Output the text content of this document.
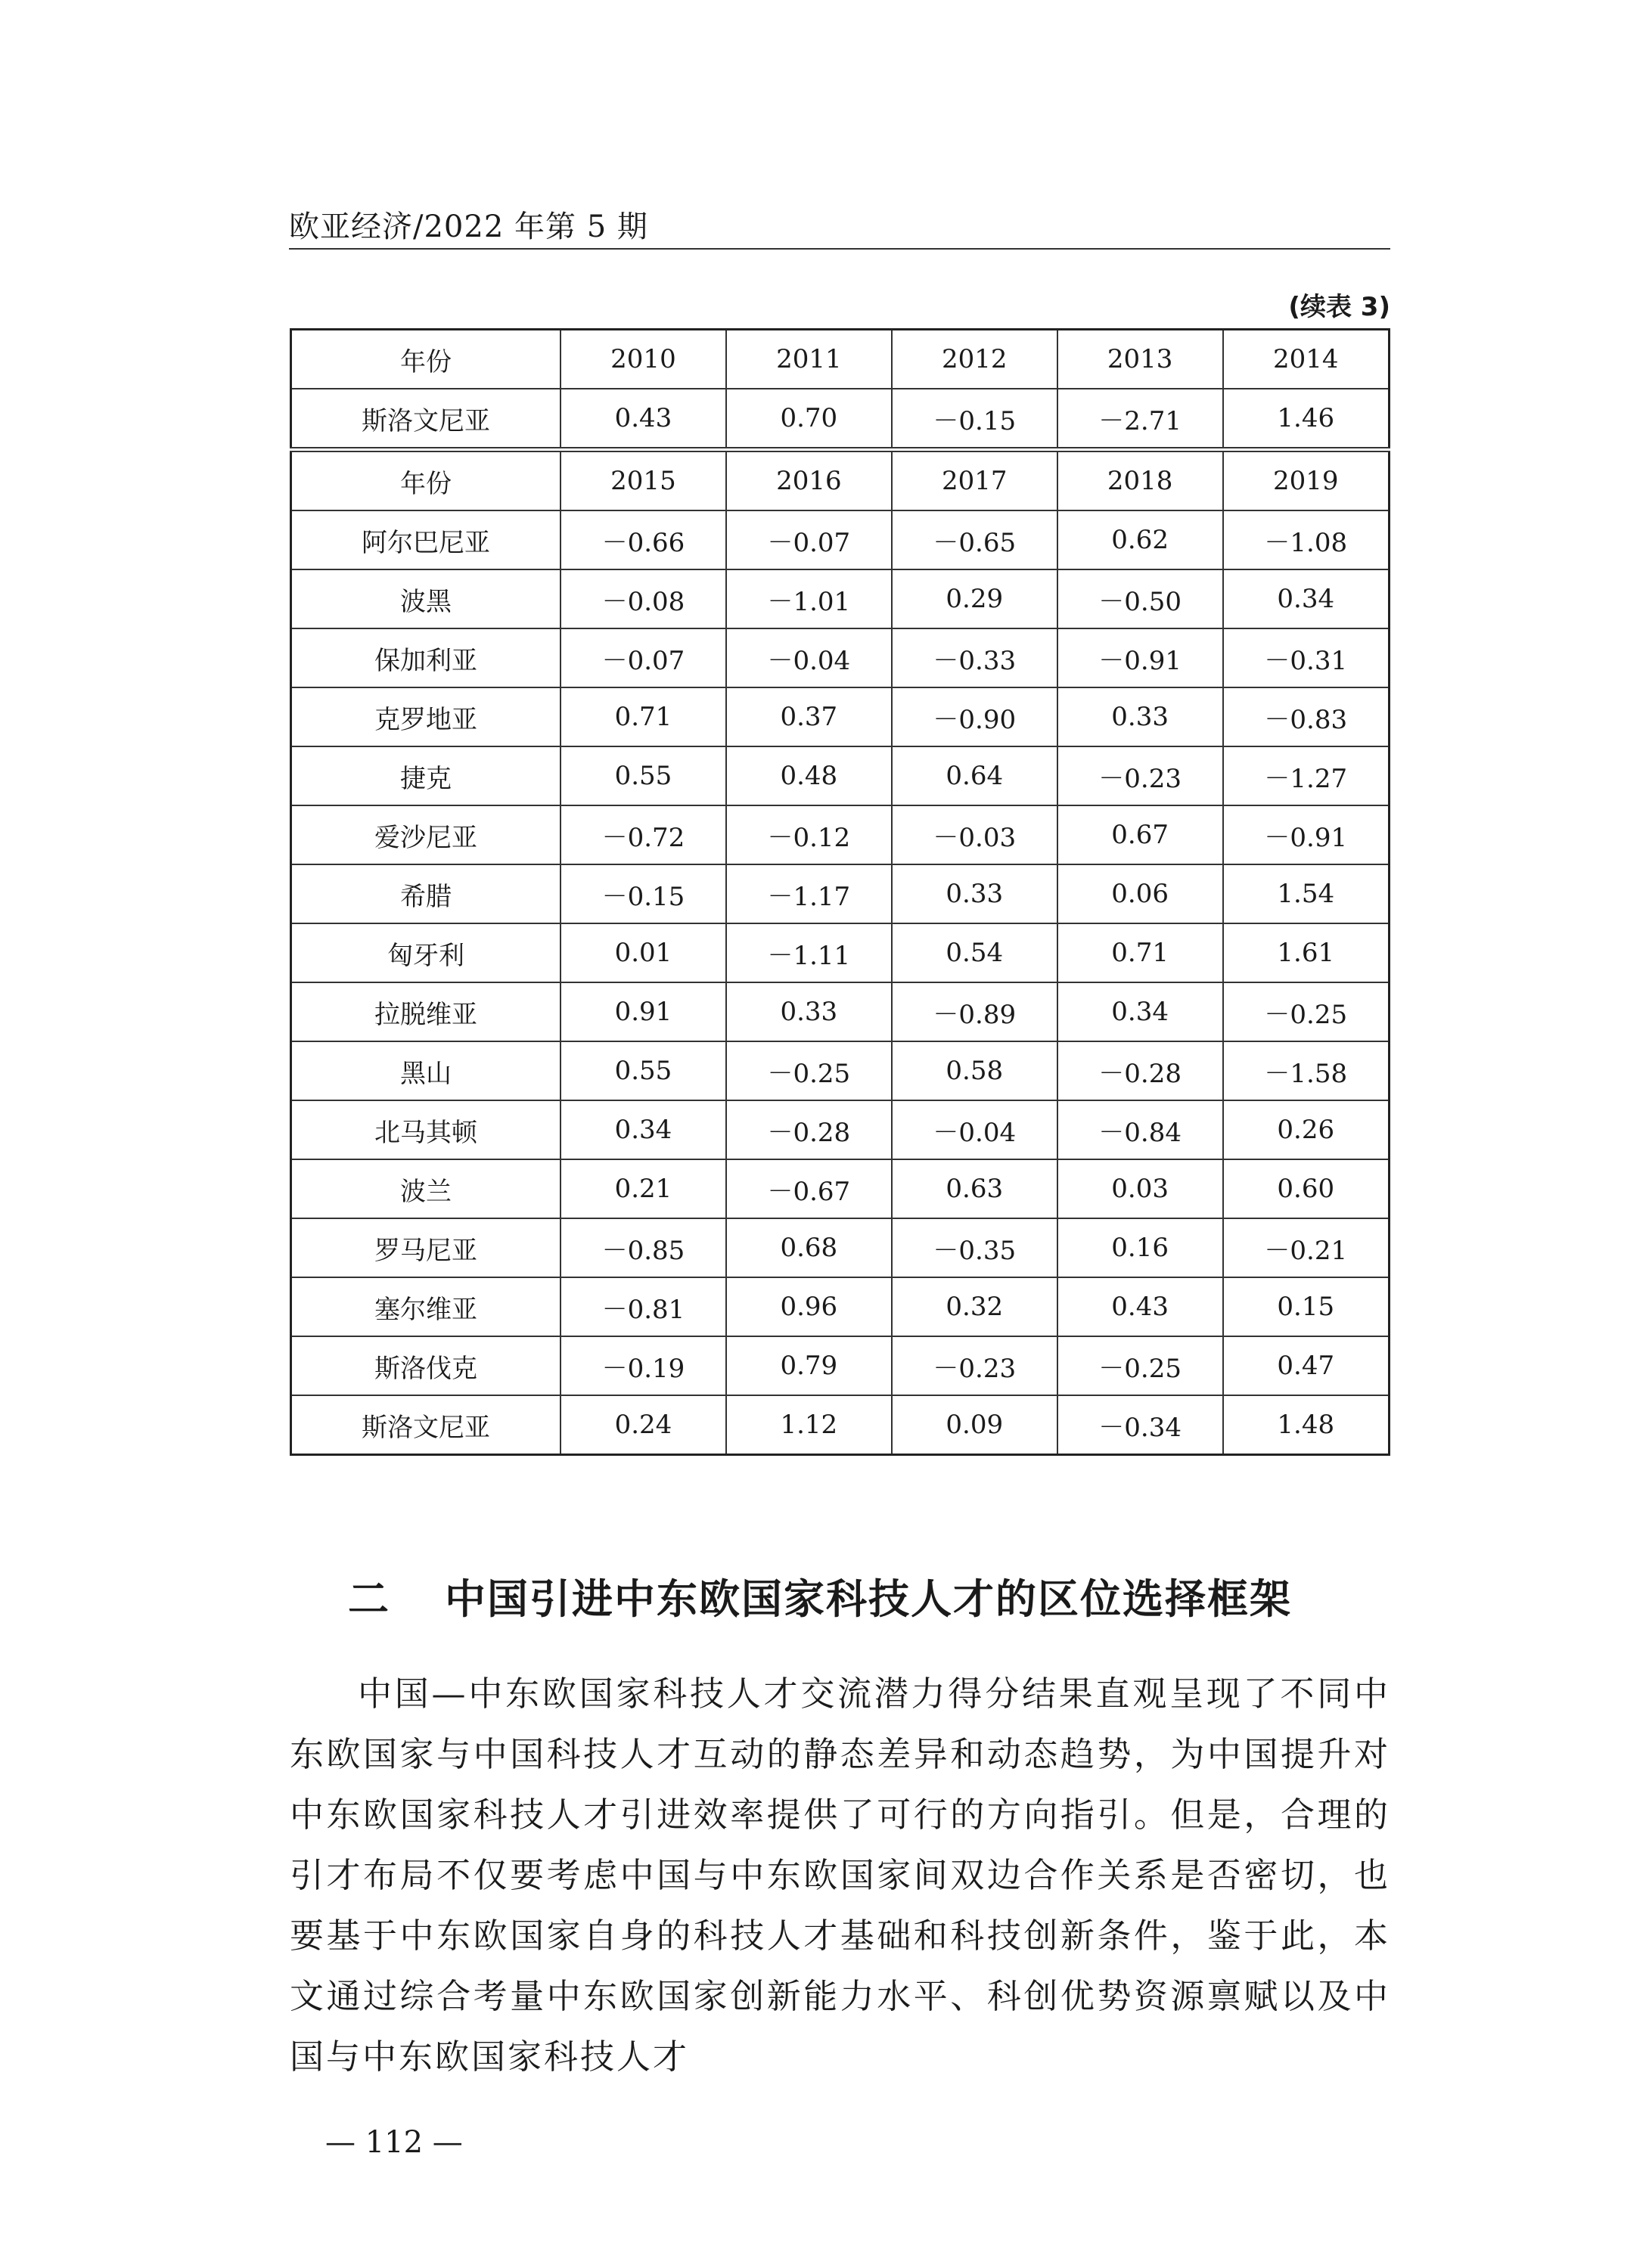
欧亚经济/2022 年第 5 期
(续表 3)
年份	2010	2011	2012	2013	2014
斯洛文尼亚	0.43	0.70	－0.15	－2.71	1.46
年份	2015	2016	2017	2018	2019
阿尔巴尼亚	－0.66	－0.07	－0.65	0.62	－1.08
波黑	－0.08	－1.01	0.29	－0.50	0.34
保加利亚	－0.07	－0.04	－0.33	－0.91	－0.31
克罗地亚	0.71	0.37	－0.90	0.33	－0.83
捷克	0.55	0.48	0.64	－0.23	－1.27
爱沙尼亚	－0.72	－0.12	－0.03	0.67	－0.91
希腊	－0.15	－1.17	0.33	0.06	1.54
匈牙利	0.01	－1.11	0.54	0.71	1.61
拉脱维亚	0.91	0.33	－0.89	0.34	－0.25
黑山	0.55	－0.25	0.58	－0.28	－1.58
北马其顿	0.34	－0.28	－0.04	－0.84	0.26
波兰	0.21	－0.67	0.63	0.03	0.60
罗马尼亚	－0.85	0.68	－0.35	0.16	－0.21
塞尔维亚	－0.81	0.96	0.32	0.43	0.15
斯洛伐克	－0.19	0.79	－0.23	－0.25	0.47
斯洛文尼亚	0.24	1.12	0.09	－0.34	1.48
二 中国引进中东欧国家科技人才的区位选择框架
中国—中东欧国家科技人才交流潜力得分结果直观呈现了不同中东欧国家与中国科技人才互动的静态差异和动态趋势，为中国提升对中东欧国家科技人才引进效率提供了可行的方向指引。但是，合理的引才布局不仅要考虑中国与中东欧国家间双边合作关系是否密切，也要基于中东欧国家自身的科技人才基础和科技创新条件，鉴于此，本文通过综合考量中东欧国家创新能力水平、科创优势资源禀赋以及中国与中东欧国家科技人才
— 112 —
